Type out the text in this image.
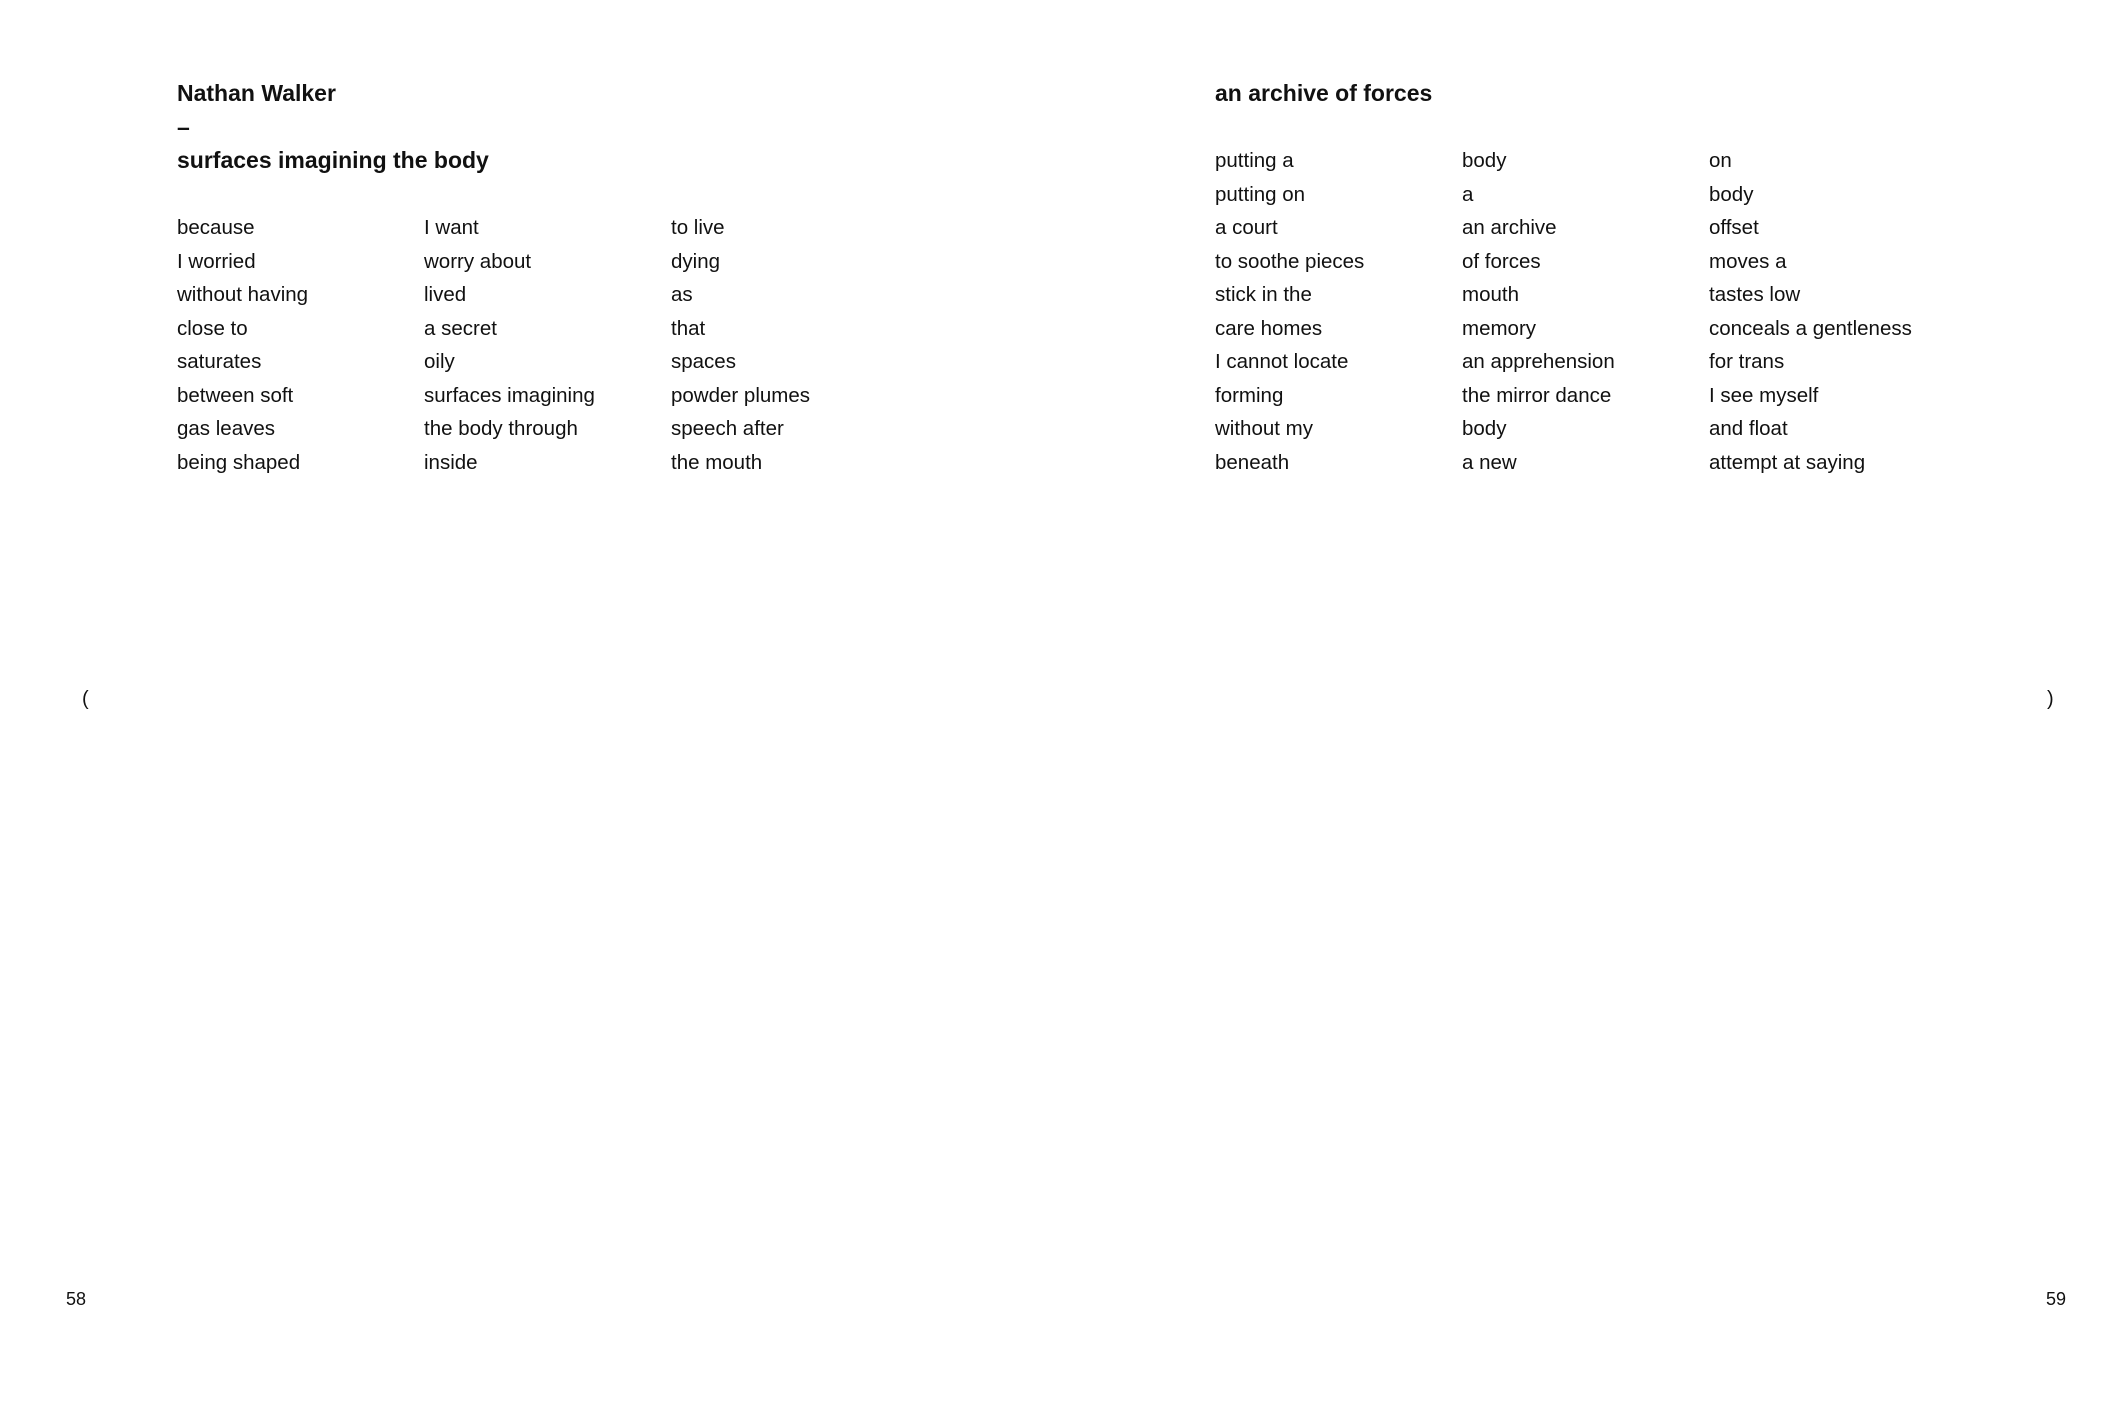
Nathan Walker
–
surfaces imagining the body
because
I worried
without having
close to
saturates
between soft
gas leaves
being shaped
I want
worry about
lived
a secret
oily
surfaces imagining
the body through
inside
to live
dying
as
that
spaces
powder plumes
speech after
the mouth
(
58
an archive of forces
putting a
putting on
a court
to soothe pieces
stick in the
care homes
I cannot locate
forming
without my
beneath
body
a
an archive
of forces
mouth
memory
an apprehension
the mirror dance
body
a new
on
body
offset
moves a
tastes low
conceals a gentleness
for trans
I see myself
and float
attempt at saying
)
59
